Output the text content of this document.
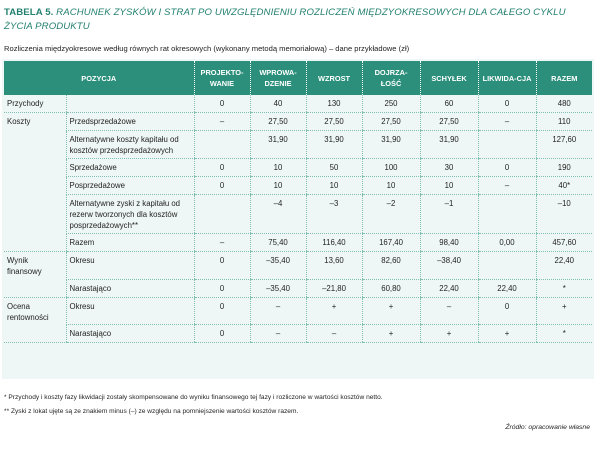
TABELA 5. RACHUNEK ZYSKÓW I STRAT PO UWZGLĘDNIENIU ROZLICZEŃ MIĘDZYOKRESOWYCH DLA CAŁEGO CYKLU ŻYCIA PRODUKTU
Rozliczenia międzyokresowe według równych rat okresowych (wykonany metodą memoriałową) – dane przykładowe (zł)
POZYCJA		PROJEKTO-WANIE	WPROWA-DZENIE	WZROST	DOJRZA-ŁOŚĆ	SCHYŁEK	LIKWIDA-CJA	RAZEM
Przychody		0	40	130	250	60	0	480
Koszty	Przedsprzedażowe	–	27,50	27,50	27,50	27,50	–	110
	Alternatywne koszty kapitału od kosztów przedsprzedażowych		31,90	31,90	31,90	31,90		127,60
	Sprzedażowe	0	10	50	100	30	0	190
	Posprzedażowe	0	10	10	10	10	–	40*
	Alternatywne zyski z kapitału od rezerw tworzonych dla kosztów posprzedażowych**		–4	–3	–2	–1		–10
	Razem	–	75,40	116,40	167,40	98,40	0,00	457,60
Wynik finansowy	Okresu	0	–35,40	13,60	82,60	–38,40		22,40
	Narastająco	0	–35,40	–21,80	60,80	22,40	22,40	*
Ocena rentowności	Okresu	0	–	+	+	–	0	+
	Narastająco	0	–	–	+	+	+	*
* Przychody i koszty fazy likwidacji zostały skompensowane do wyniku finansowego tej fazy i rozliczone w wartości kosztów netto.
** Zyski z lokat ujęte są ze znakiem minus (–) ze względu na pomniejszenie wartości kosztów razem.
Źródło: opracowanie własne
